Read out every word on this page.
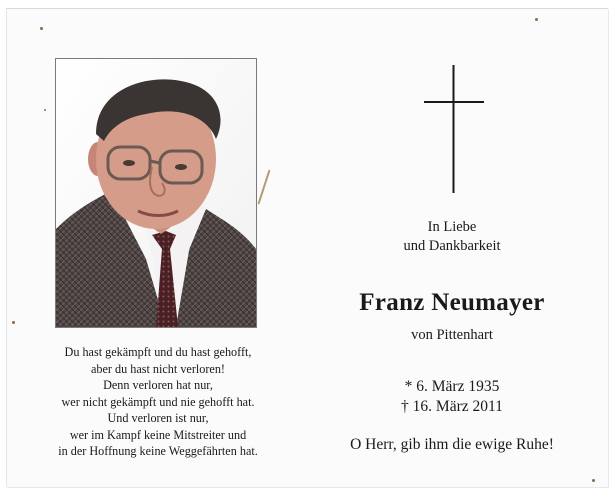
Du hast gekämpft und du hast gehofft,
aber du hast nicht verloren!
Denn verloren hat nur,
wer nicht gekämpft und nie gehofft hat.
Und verloren ist nur,
wer im Kampf keine Mitstreiter und
in der Hoffnung keine Weggefährten hat.
In Liebe
und Dankbarkeit
Franz Neumayer
von Pittenhart
* 6. März 1935
† 16. März 2011
O Herr, gib ihm die ewige Ruhe!
